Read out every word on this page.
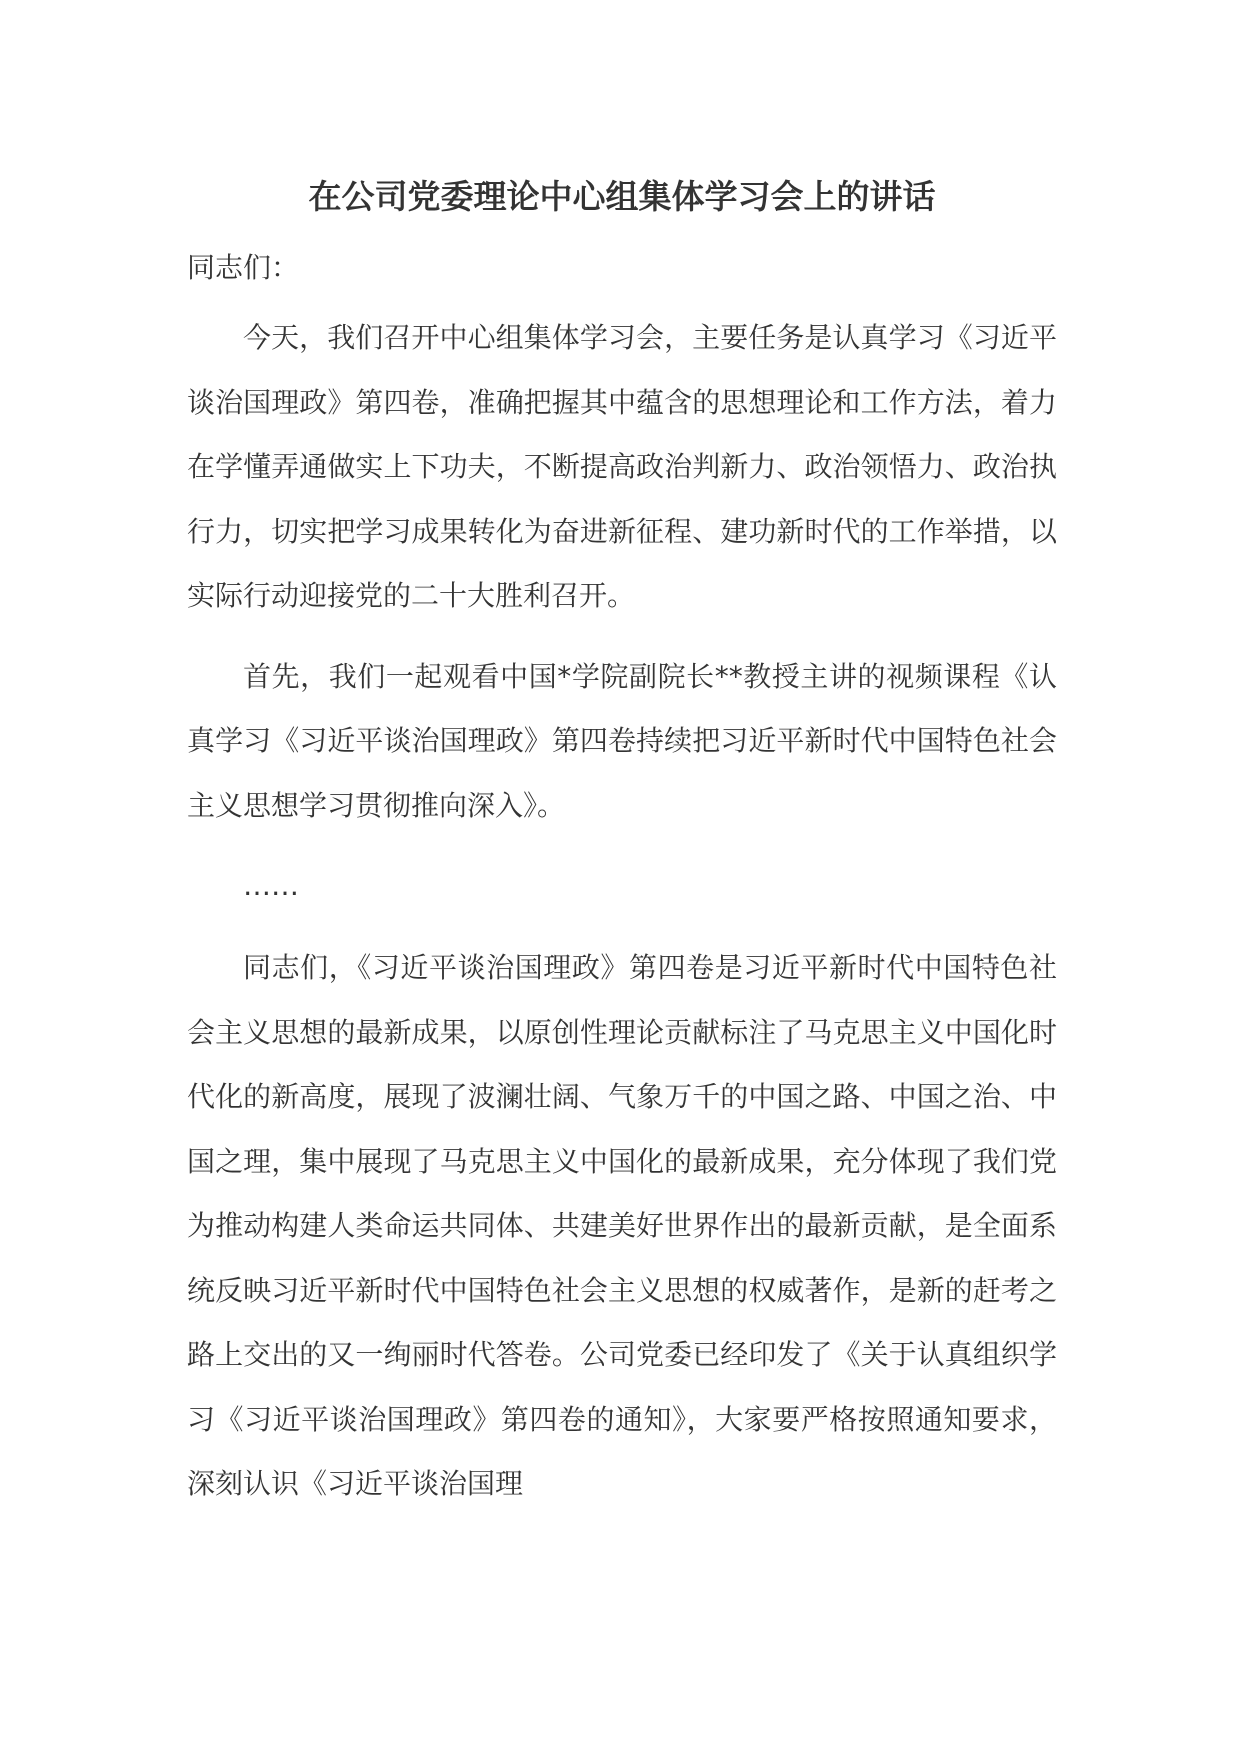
在公司党委理论中心组集体学习会上的讲话

同志们：

今天，我们召开中心组集体学习会，主要任务是认真学习《习近平谈治国理政》第四卷，准确把握其中蕴含的思想理论和工作方法，着力在学懂弄通做实上下功夫，不断提高政治判新力、政治领悟力、政治执行力，切实把学习成果转化为奋进新征程、建功新时代的工作举措，以实际行动迎接党的二十大胜利召开。

首先，我们一起观看中国*学院副院长**教授主讲的视频课程《认真学习《习近平谈治国理政》第四卷持续把习近平新时代中国特色社会主义思想学习贯彻推向深入》。

……

同志们，《习近平谈治国理政》第四卷是习近平新时代中国特色社会主义思想的最新成果，以原创性理论贡献标注了马克思主义中国化时代化的新高度，展现了波澜壮阔、气象万千的中国之路、中国之治、中国之理，集中展现了马克思主义中国化的最新成果，充分体现了我们党为推动构建人类命运共同体、共建美好世界作出的最新贡献，是全面系统反映习近平新时代中国特色社会主义思想的权威著作，是新的赶考之路上交出的又一绚丽时代答卷。公司党委已经印发了《关于认真组织学习《习近平谈治国理政》第四卷的通知》，大家要严格按照通知要求，深刻认识《习近平谈治国理
